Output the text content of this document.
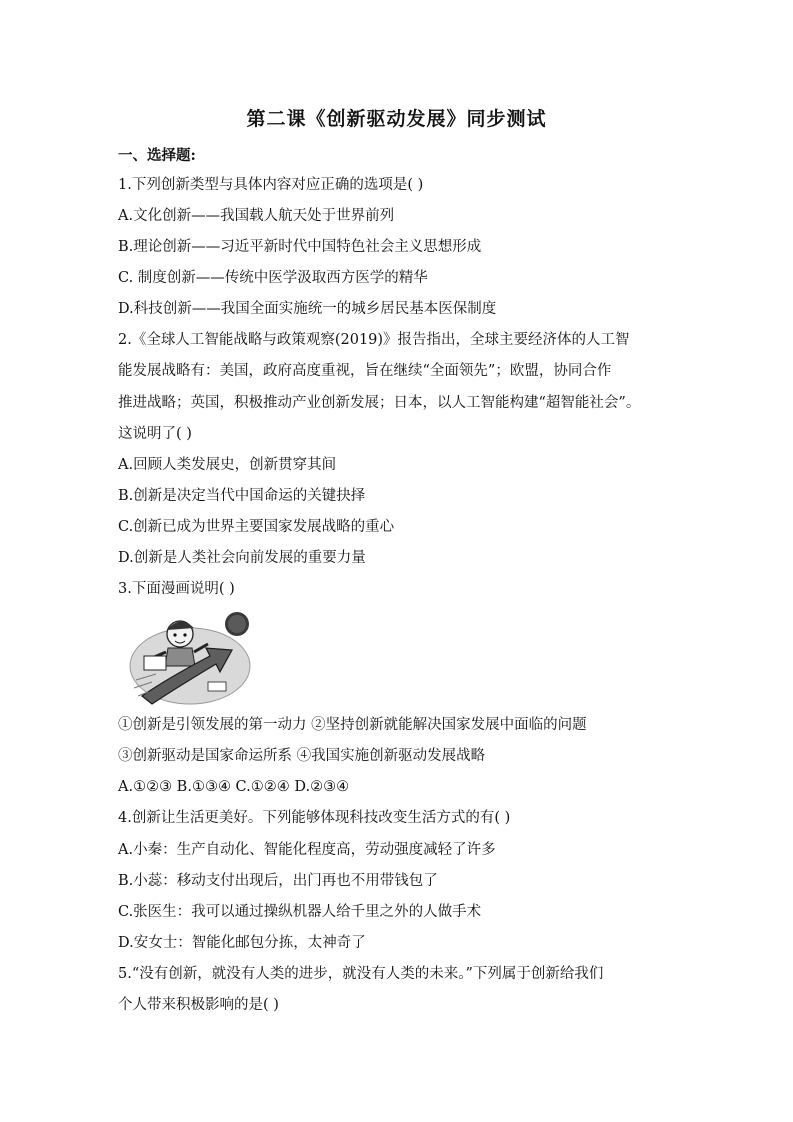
第二课《创新驱动发展》同步测试
一、选择题:
1.下列创新类型与具体内容对应正确的选项是( )
A.文化创新——我国载人航天处于世界前列
B.理论创新——习近平新时代中国特色社会主义思想形成
C. 制度创新——传统中医学汲取西方医学的精华
D.科技创新——我国全面实施统一的城乡居民基本医保制度
2.《全球人工智能战略与政策观察(2019)》报告指出，全球主要经济体的人工智
能发展战略有：美国，政府高度重视，旨在继续“全面领先”；欧盟，协同合作
推进战略；英国，积极推动产业创新发展；日本，以人工智能构建“超智能社会”。
这说明了( )
A.回顾人类发展史，创新贯穿其间
B.创新是决定当代中国命运的关键抉择
C.创新已成为世界主要国家发展战略的重心
D.创新是人类社会向前发展的重要力量
3.下面漫画说明( )
①创新是引领发展的第一动力 ②坚持创新就能解决国家发展中面临的问题
③创新驱动是国家命运所系 ④我国实施创新驱动发展战略
A.①②③ B.①③④ C.①②④ D.②③④
4.创新让生活更美好。下列能够体现科技改变生活方式的有( )
A.小秦：生产自动化、智能化程度高，劳动强度减轻了许多
B.小蕊：移动支付出现后，出门再也不用带钱包了
C.张医生：我可以通过操纵机器人给千里之外的人做手术
D.安女士：智能化邮包分拣，太神奇了
5.“没有创新，就没有人类的进步，就没有人类的未来。”下列属于创新给我们
个人带来积极影响的是( )
